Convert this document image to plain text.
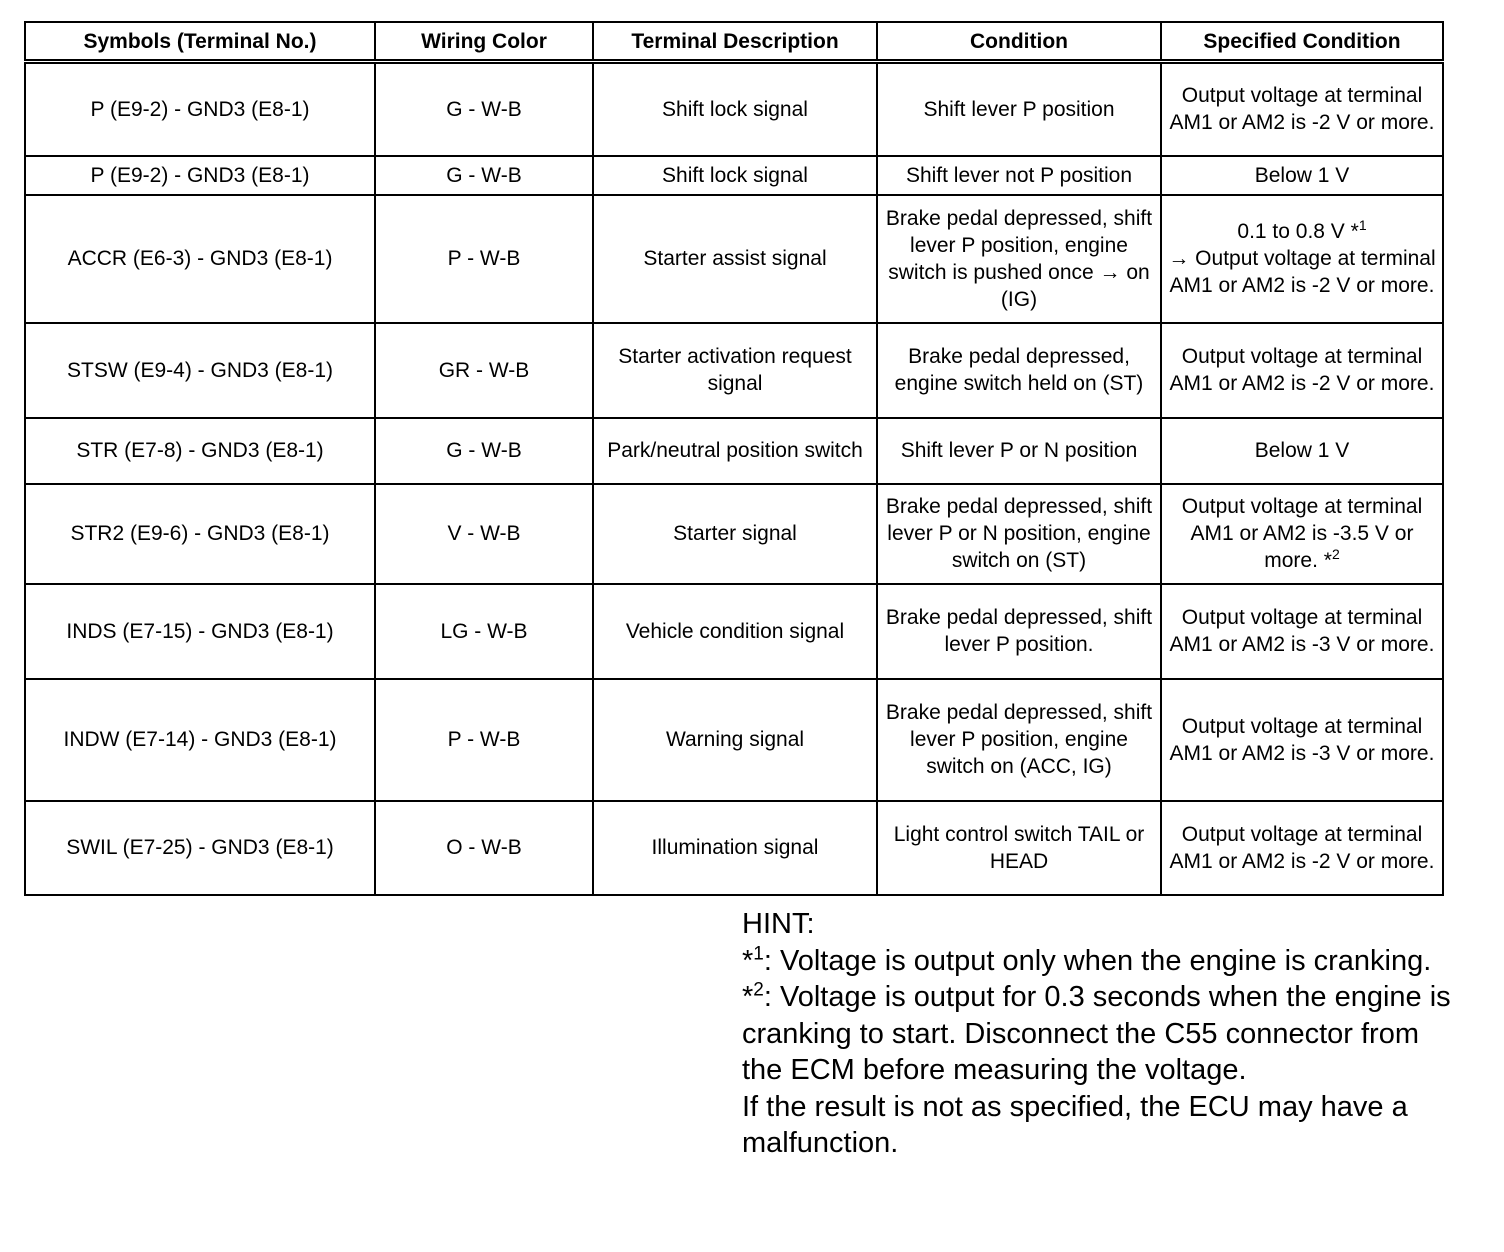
Symbols (Terminal No.)	Wiring Color	Terminal Description	Condition	Specified Condition
P (E9-2) - GND3 (E8-1)	G - W-B	Shift lock signal	Shift lever P position	Output voltage at terminal AM1 or AM2 is -2 V or more.
P (E9-2) - GND3 (E8-1)	G - W-B	Shift lock signal	Shift lever not P position	Below 1 V
ACCR (E6-3) - GND3 (E8-1)	P - W-B	Starter assist signal	Brake pedal depressed, shift lever P position, engine switch is pushed once → on (IG)	0.1 to 0.8 V *$^1$
→ Output voltage at terminal AM1 or AM2 is -2 V or more.
STSW (E9-4) - GND3 (E8-1)	GR - W-B	Starter activation request signal	Brake pedal depressed, engine switch held on (ST)	Output voltage at terminal AM1 or AM2 is -2 V or more.
STR (E7-8) - GND3 (E8-1)	G - W-B	Park/neutral position switch	Shift lever P or N position	Below 1 V
STR2 (E9-6) - GND3 (E8-1)	V - W-B	Starter signal	Brake pedal depressed, shift lever P or N position, engine switch on (ST)	Output voltage at terminal AM1 or AM2 is -3.5 V or more. *$^2$
INDS (E7-15) - GND3 (E8-1)	LG - W-B	Vehicle condition signal	Brake pedal depressed, shift lever P position.	Output voltage at terminal AM1 or AM2 is -3 V or more.
INDW (E7-14) - GND3 (E8-1)	P - W-B	Warning signal	Brake pedal depressed, shift lever P position, engine switch on (ACC, IG)	Output voltage at terminal AM1 or AM2 is -3 V or more.
SWIL (E7-25) - GND3 (E8-1)	O - W-B	Illumination signal	Light control switch TAIL or HEAD	Output voltage at terminal AM1 or AM2 is -2 V or more.

HINT:

*$^1$: Voltage is output only when the engine is cranking.

*$^2$: Voltage is output for 0.3 seconds when the engine is cranking to start. Disconnect the C55 connector from the ECM before measuring the voltage.

If the result is not as specified, the ECU may have a malfunction.
